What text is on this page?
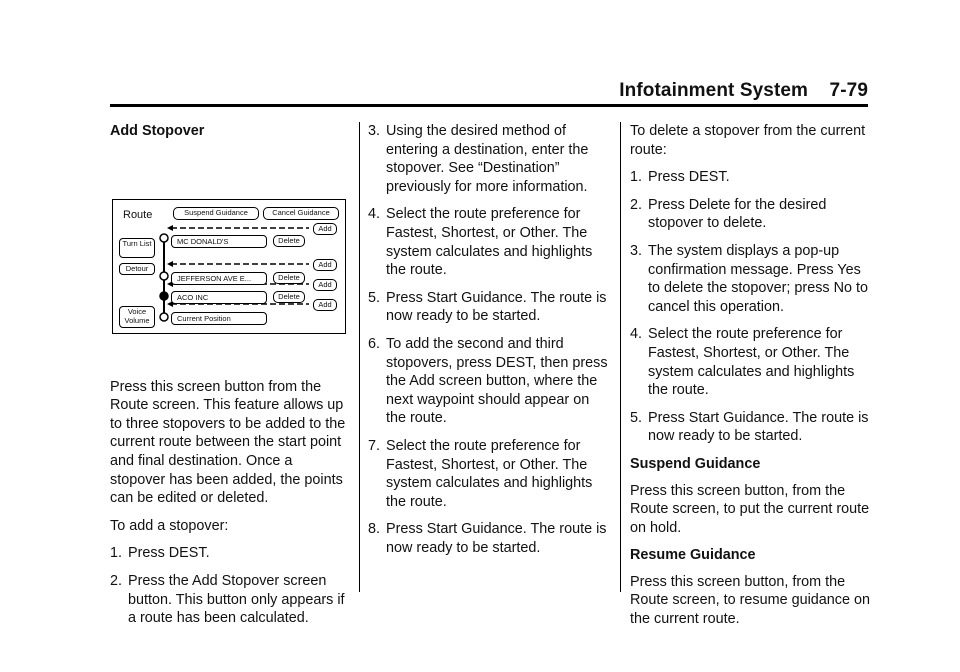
Infotainment System    7-79
Add Stopover
Route	Suspend Guidance	Cancel Guidance
Turn List
Detour
Voice Volume
MC DONALD'S
JEFFERSON AVE E...
ACO INC
Current Position
Delete
Delete
Delete
Add
Add
Add
Add

Press this screen button from the Route screen. This feature allows up to three stopovers to be added to the current route between the start point and final destination. Once a stopover has been added, the points can be edited or deleted.

To add a stopover:

1. Press DEST.
2. Press the Add Stopover screen button. This button only appears if a route has been calculated.
3. Using the desired method of entering a destination, enter the stopover. See “Destination” previously for more information.
4. Select the route preference for Fastest, Shortest, or Other. The system calculates and highlights the route.
5. Press Start Guidance. The route is now ready to be started.
6. To add the second and third stopovers, press DEST, then press the Add screen button, where the next waypoint should appear on the route.
7. Select the route preference for Fastest, Shortest, or Other. The system calculates and highlights the route.
8. Press Start Guidance. The route is now ready to be started.

To delete a stopover from the current route:

1. Press DEST.
2. Press Delete for the desired stopover to delete.
3. The system displays a pop-up confirmation message. Press Yes to delete the stopover; press No to cancel this operation.
4. Select the route preference for Fastest, Shortest, or Other. The system calculates and highlights the route.
5. Press Start Guidance. The route is now ready to be started.
Suspend Guidance

Press this screen button, from the Route screen, to put the current route on hold.

Resume Guidance

Press this screen button, from the Route screen, to resume guidance on the current route.
